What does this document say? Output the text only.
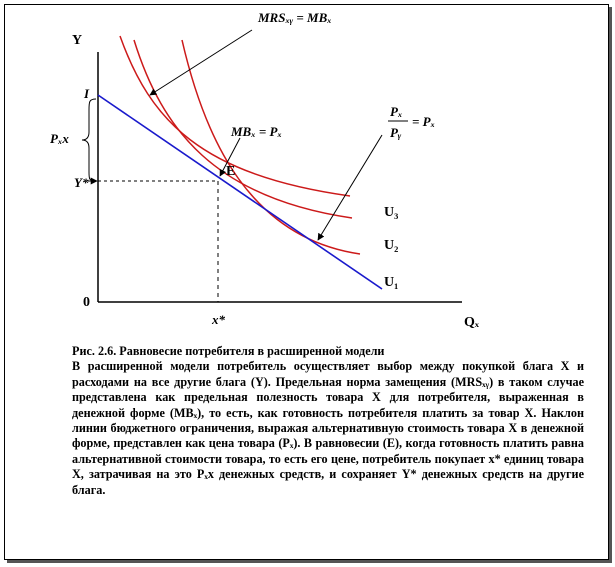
Y
Qₓ
0
I
Pₓx
Y*
x*
E
MRSₓᵧ = MBₓ
MBₓ = Pₓ
Pₓ
Pᵧ
= Pₓ
U₃
U₂
U₁
Рис. 2.6. Равновесие потребителя в расширенной модели
В расширенной модели потребитель осуществляет выбор между покупкой блага X и расходами на все другие блага (Y). Предельная норма замещения (MRSₓᵧ) в таком случае представлена как предельная полезность товара X для потребителя, выраженная в денежной форме (MBₓ), то есть, как готовность потребителя платить за товар X. Наклон линии бюджетного ограничения, выражая альтернативную стоимость товара X в денежной форме, представлен как цена товара (Pₓ). В равновесии (E), когда готовность платить равна альтернативной стоимости товара, то есть его цене, потребитель покупает x* единиц товара X, затрачивая на это Pₓx денежных средств, и сохраняет Y* денежных средств на другие блага.
